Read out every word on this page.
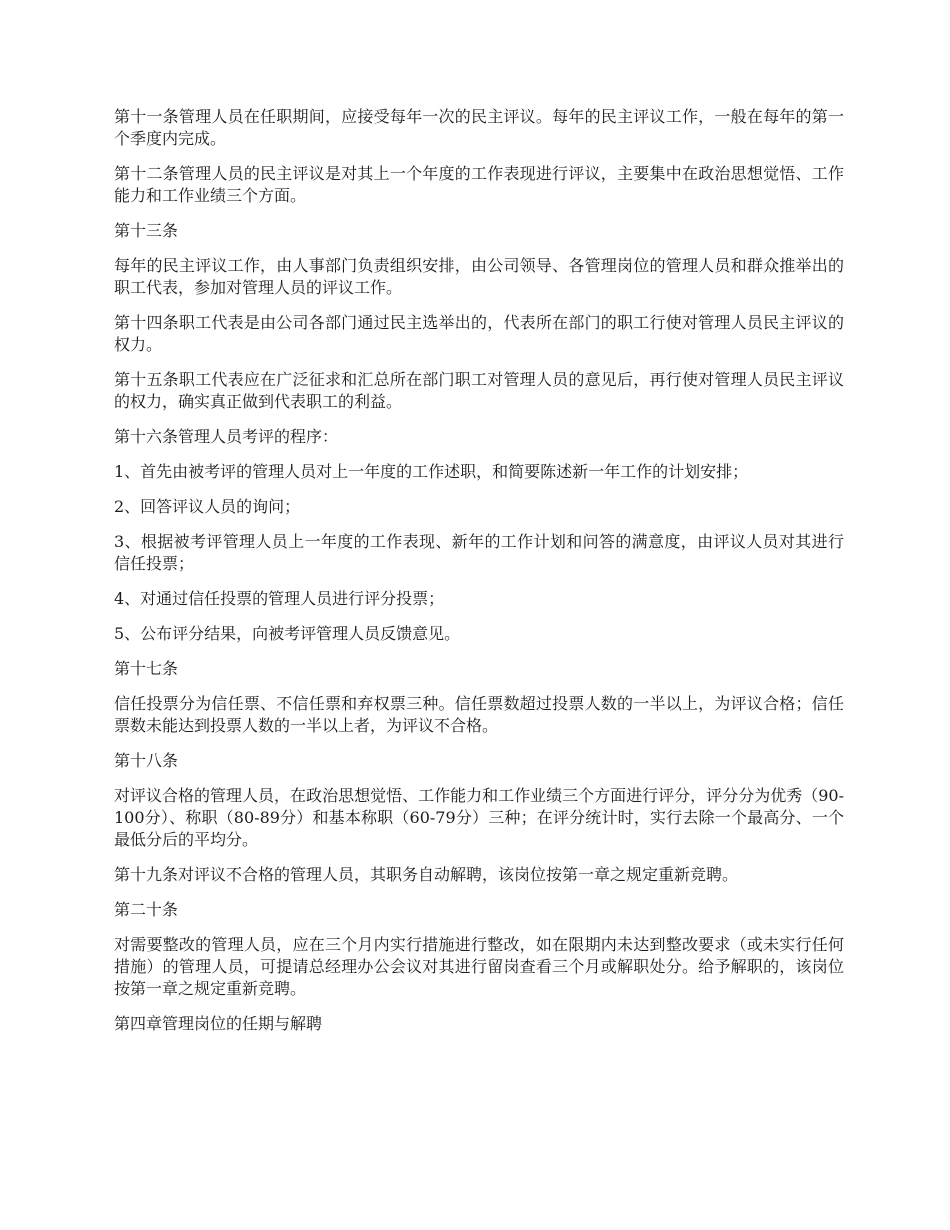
第十一条管理人员在任职期间，应接受每年一次的民主评议。每年的民主评议工作，一般在每年的第一个季度内完成。

第十二条管理人员的民主评议是对其上一个年度的工作表现进行评议，主要集中在政治思想觉悟、工作能力和工作业绩三个方面。

第十三条

每年的民主评议工作，由人事部门负责组织安排，由公司领导、各管理岗位的管理人员和群众推举出的职工代表，参加对管理人员的评议工作。

第十四条职工代表是由公司各部门通过民主选举出的，代表所在部门的职工行使对管理人员民主评议的权力。

第十五条职工代表应在广泛征求和汇总所在部门职工对管理人员的意见后，再行使对管理人员民主评议的权力，确实真正做到代表职工的利益。

第十六条管理人员考评的程序：

1、首先由被考评的管理人员对上一年度的工作述职，和简要陈述新一年工作的计划安排；

2、回答评议人员的询问；

3、根据被考评管理人员上一年度的工作表现、新年的工作计划和问答的满意度，由评议人员对其进行信任投票；

4、对通过信任投票的管理人员进行评分投票；

5、公布评分结果，向被考评管理人员反馈意见。

第十七条

信任投票分为信任票、不信任票和弃权票三种。信任票数超过投票人数的一半以上，为评议合格；信任票数未能达到投票人数的一半以上者，为评议不合格。

第十八条

对评议合格的管理人员，在政治思想觉悟、工作能力和工作业绩三个方面进行评分，评分分为优秀（90-100分）、称职（80-89分）和基本称职（60-79分）三种；在评分统计时，实行去除一个最高分、一个最低分后的平均分。

第十九条对评议不合格的管理人员，其职务自动解聘，该岗位按第一章之规定重新竞聘。

第二十条

对需要整改的管理人员，应在三个月内实行措施进行整改，如在限期内未达到整改要求（或未实行任何措施）的管理人员，可提请总经理办公会议对其进行留岗查看三个月或解职处分。给予解职的，该岗位按第一章之规定重新竞聘。

第四章管理岗位的任期与解聘
